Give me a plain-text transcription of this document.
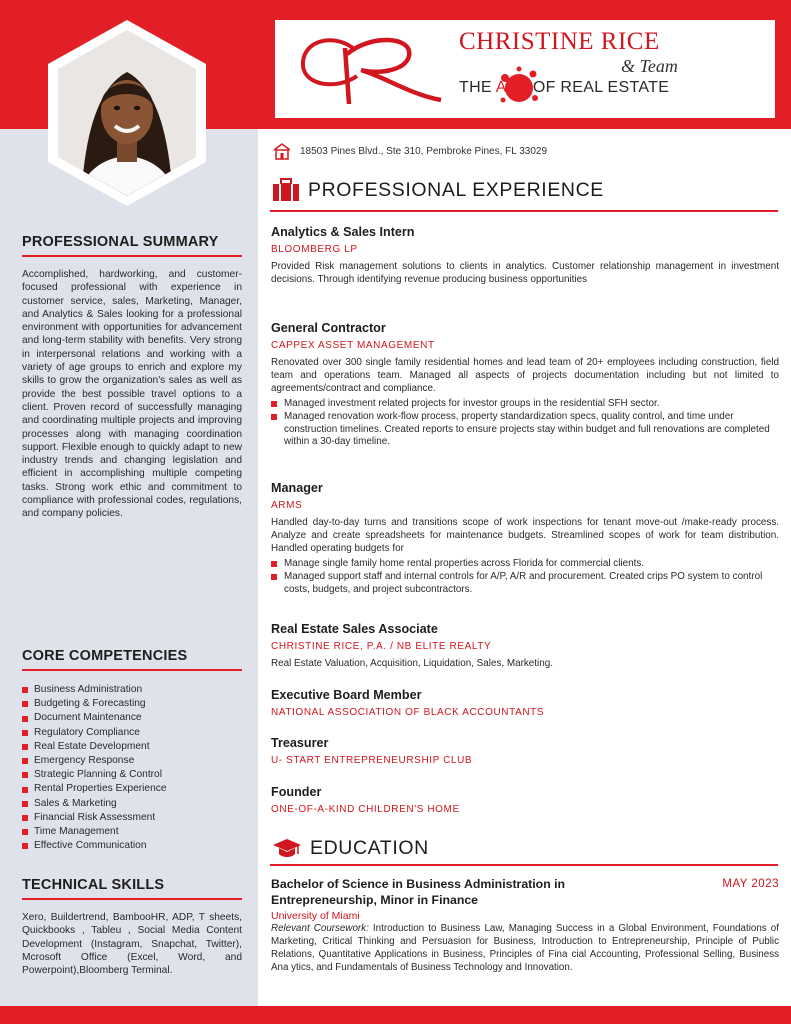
CHRISTINE RICE
& Team
THE ART OF REAL ESTATE
18503 Pines Blvd., Ste 310, Pembroke Pines, FL 33029
PROFESSIONAL SUMMARY

Accomplished, hardworking, and customer-focused professional with experience in customer service, sales, Marketing, Manager, and Analytics & Sales looking for a professional environment with opportunities for advancement and long-term stability with benefits. Very strong in interpersonal relations and working with a variety of age groups to enrich and explore my skills to grow the organization's sales as well as provide the best possible travel options to a client. Proven record of successfully managing and coordinating multiple projects and improving processes along with managing coordination support. Flexible enough to quickly adapt to new industry trends and changing legislation and efficient in accomplishing multiple competing tasks. Strong work ethic and commitment to compliance with professional codes, regulations, and company policies.

CORE COMPETENCIES
Business Administration
Budgeting & Forecasting
Document Maintenance
Regulatory Compliance
Real Estate Development
Emergency Response
Strategic Planning & Control
Rental Properties Experience
Sales & Marketing
Financial Risk Assessment
Time Management
Effective Communication
TECHNICAL SKILLS

Xero, Buildertrend, BambooHR, ADP, T sheets, Quickbooks , Tableu , Social Media Content Development (Instagram, Snapchat, Twitter), Mcrosoft Office (Excel, Word, and Powerpoint),Bloomberg Terminal.

PROFESSIONAL EXPERIENCE
Analytics & Sales Intern
BLOOMBERG LP

Provided Risk management solutions to clients in analytics. Customer relationship management in investment decisions. Through identifying revenue producing business opportunities

General Contractor
CAPPEX ASSET MANAGEMENT

Renovated over 300 single family residential homes and lead team of 20+ employees including construction, field team and operations team. Managed all aspects of projects documentation including but not limited to agreements/contract and compliance.

Managed investment related projects for investor groups in the residential SFH sector.
Managed renovation work-flow process, property standardization specs, quality control, and time under construction timelines. Created reports to ensure projects stay within budget and full renovations are completed within a 30-day timeline.
Manager
ARMS

Handled day-to-day turns and transitions scope of work inspections for tenant move-out /make-ready process. Analyze and create spreadsheets for maintenance budgets. Streamlined scopes of work for team distribution. Handled operating budgets for

Manage single family home rental properties across Florida for commercial clients.
Managed support staff and internal controls for A/P, A/R and procurement. Created crips PO system to control costs, budgets, and project subcontractors.
Real Estate Sales Associate
CHRISTINE RICE, P.A. / NB ELITE REALTY

Real Estate Valuation, Acquisition, Liquidation, Sales, Marketing.

Executive Board Member
NATIONAL ASSOCIATION OF BLACK ACCOUNTANTS
Treasurer
U- START ENTREPRENEURSHIP CLUB
Founder
ONE-OF-A-KIND CHILDREN'S HOME
EDUCATION
Bachelor of Science in Business Administration in Entrepreneurship, Minor in Finance
MAY 2023
University of Miami

Relevant Coursework: Introduction to Business Law, Managing Success in a Global Environment, Foundations of Marketing, Critical Thinking and Persuasion for Business, Introduction to Entrepreneurship, Principle of Public Relations, Quantitative Applications in Business, Principles of Fina cial Accounting, Professional Selling, Business Ana ytics, and Fundamentals of Business Technology and Innovation.
